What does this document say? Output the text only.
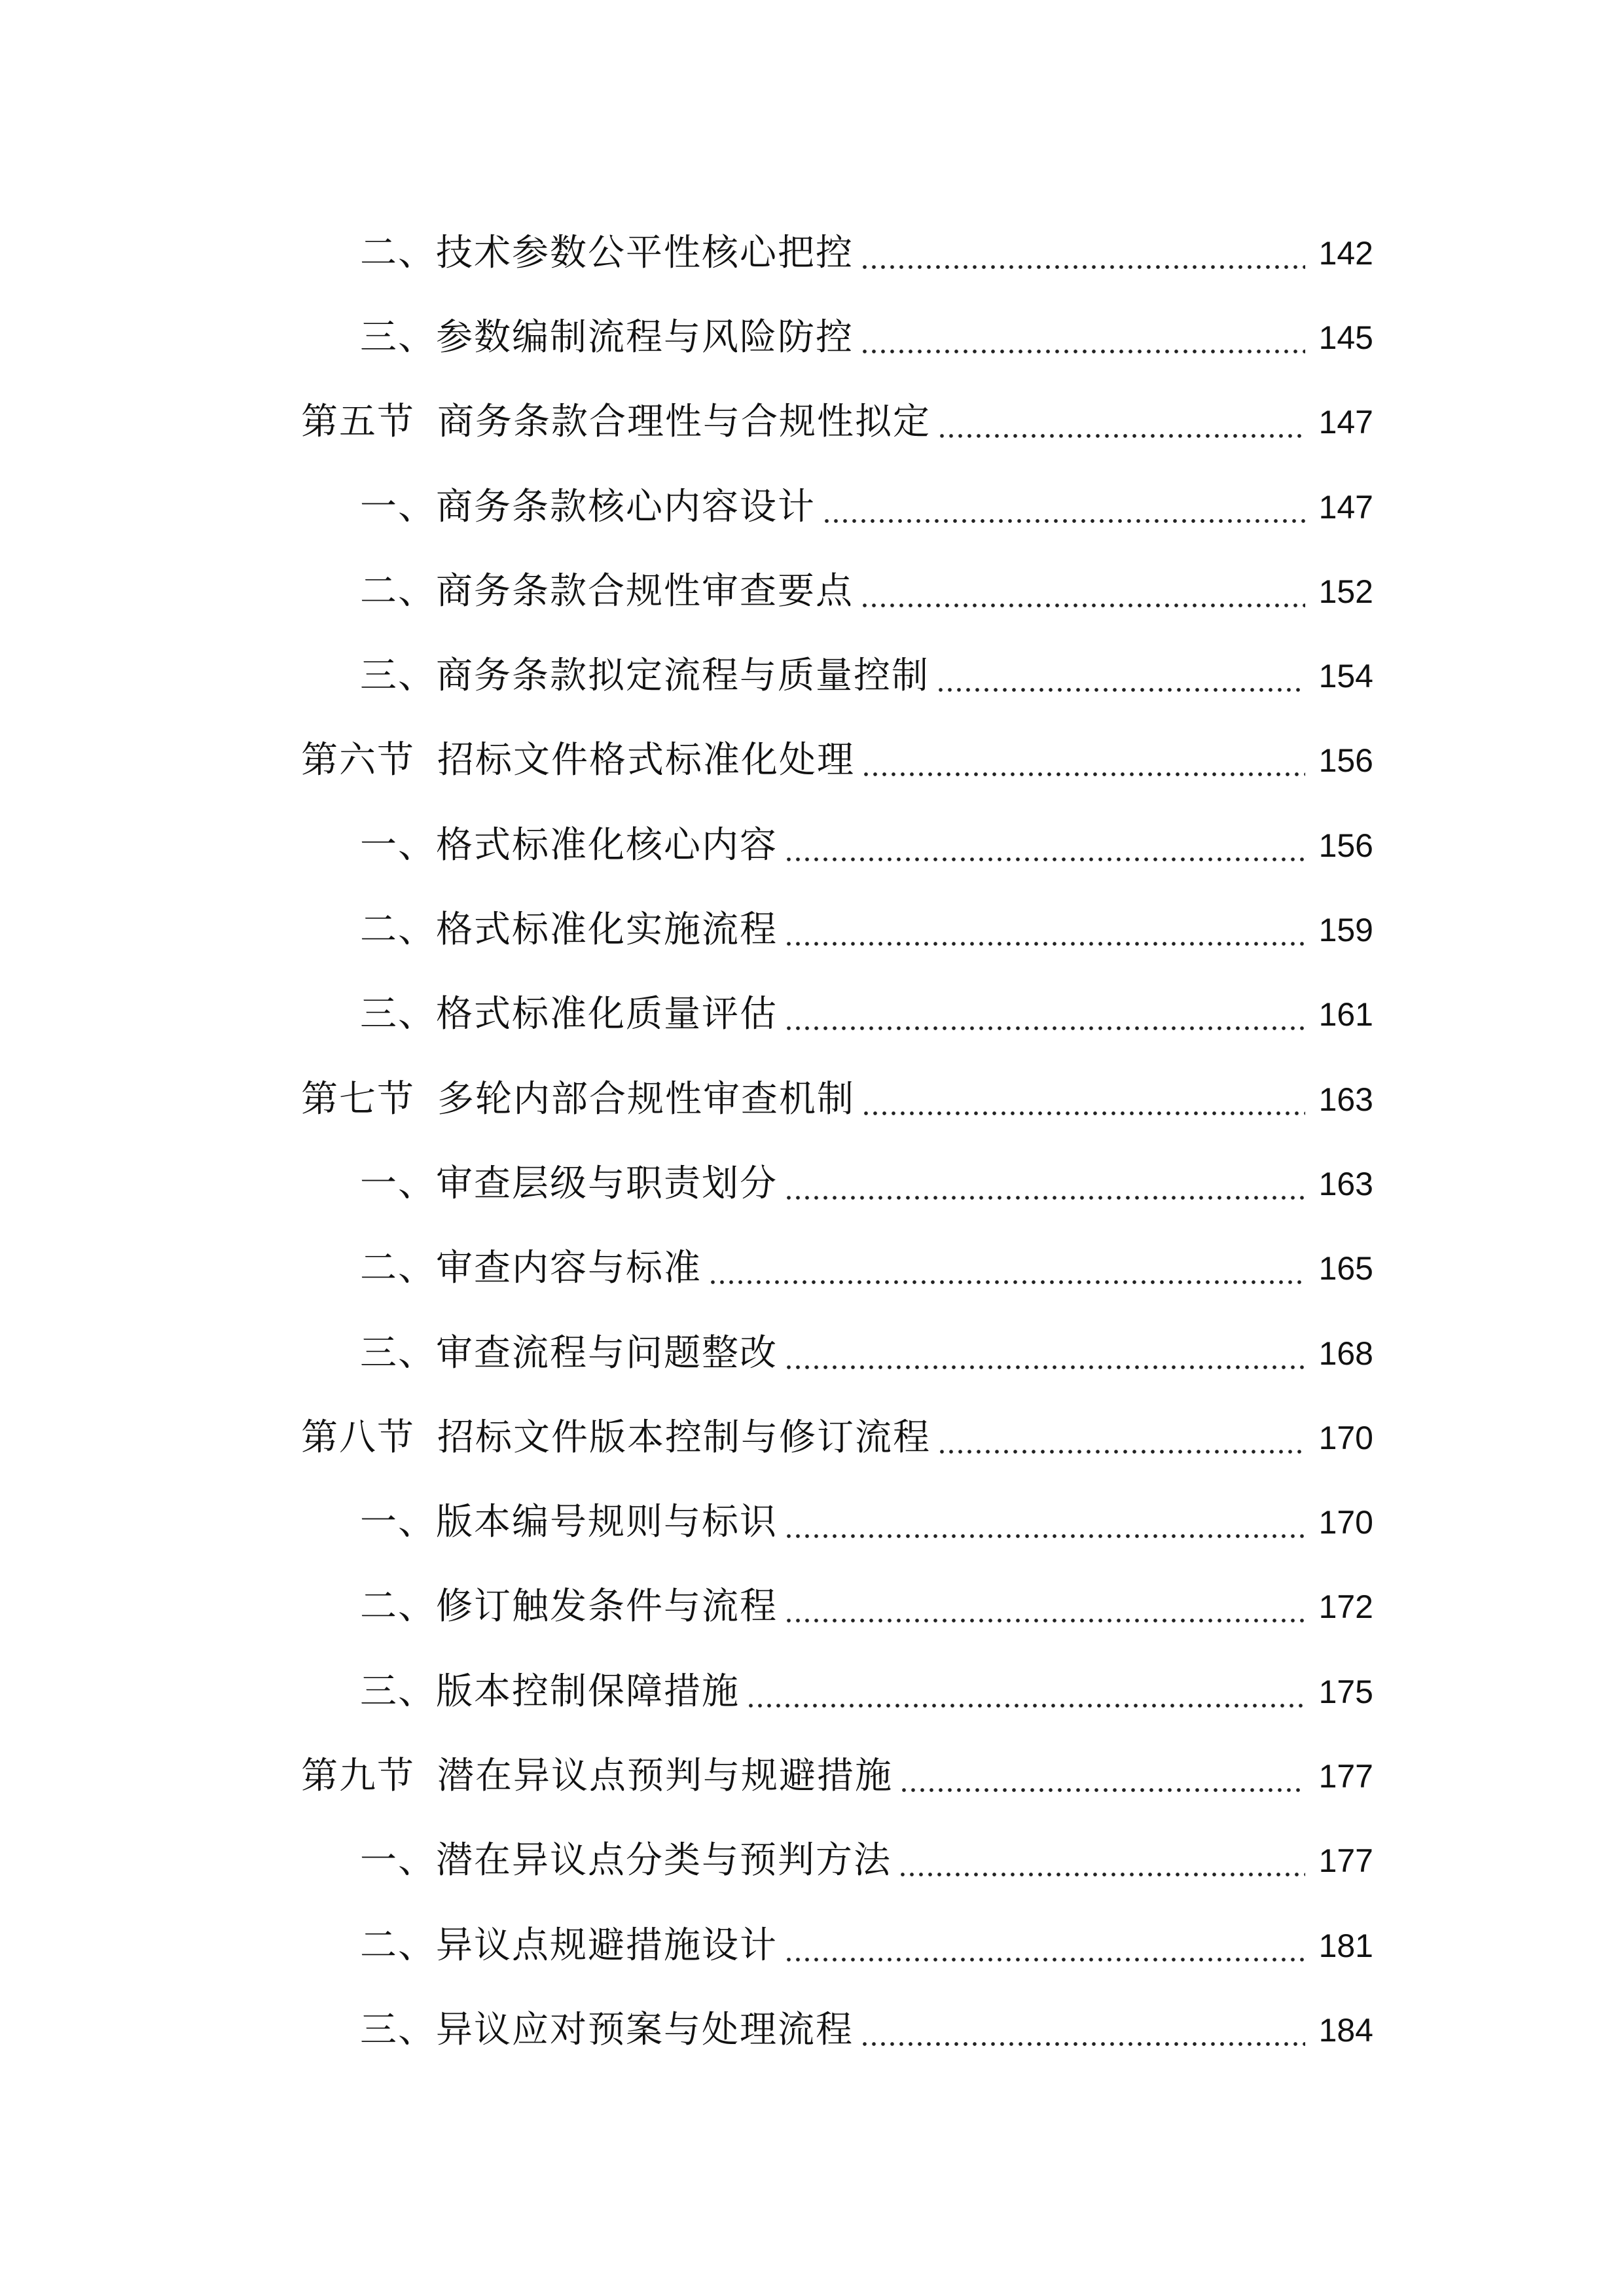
二、技术参数公平性核心把控	142
三、参数编制流程与风险防控	145
第五节 商务条款合理性与合规性拟定	147
一、商务条款核心内容设计	147
二、商务条款合规性审查要点	152
三、商务条款拟定流程与质量控制	154
第六节 招标文件格式标准化处理	156
一、格式标准化核心内容	156
二、格式标准化实施流程	159
三、格式标准化质量评估	161
第七节 多轮内部合规性审查机制	163
一、审查层级与职责划分	163
二、审查内容与标准	165
三、审查流程与问题整改	168
第八节 招标文件版本控制与修订流程	170
一、版本编号规则与标识	170
二、修订触发条件与流程	172
三、版本控制保障措施	175
第九节 潜在异议点预判与规避措施	177
一、潜在异议点分类与预判方法	177
二、异议点规避措施设计	181
三、异议应对预案与处理流程	184
